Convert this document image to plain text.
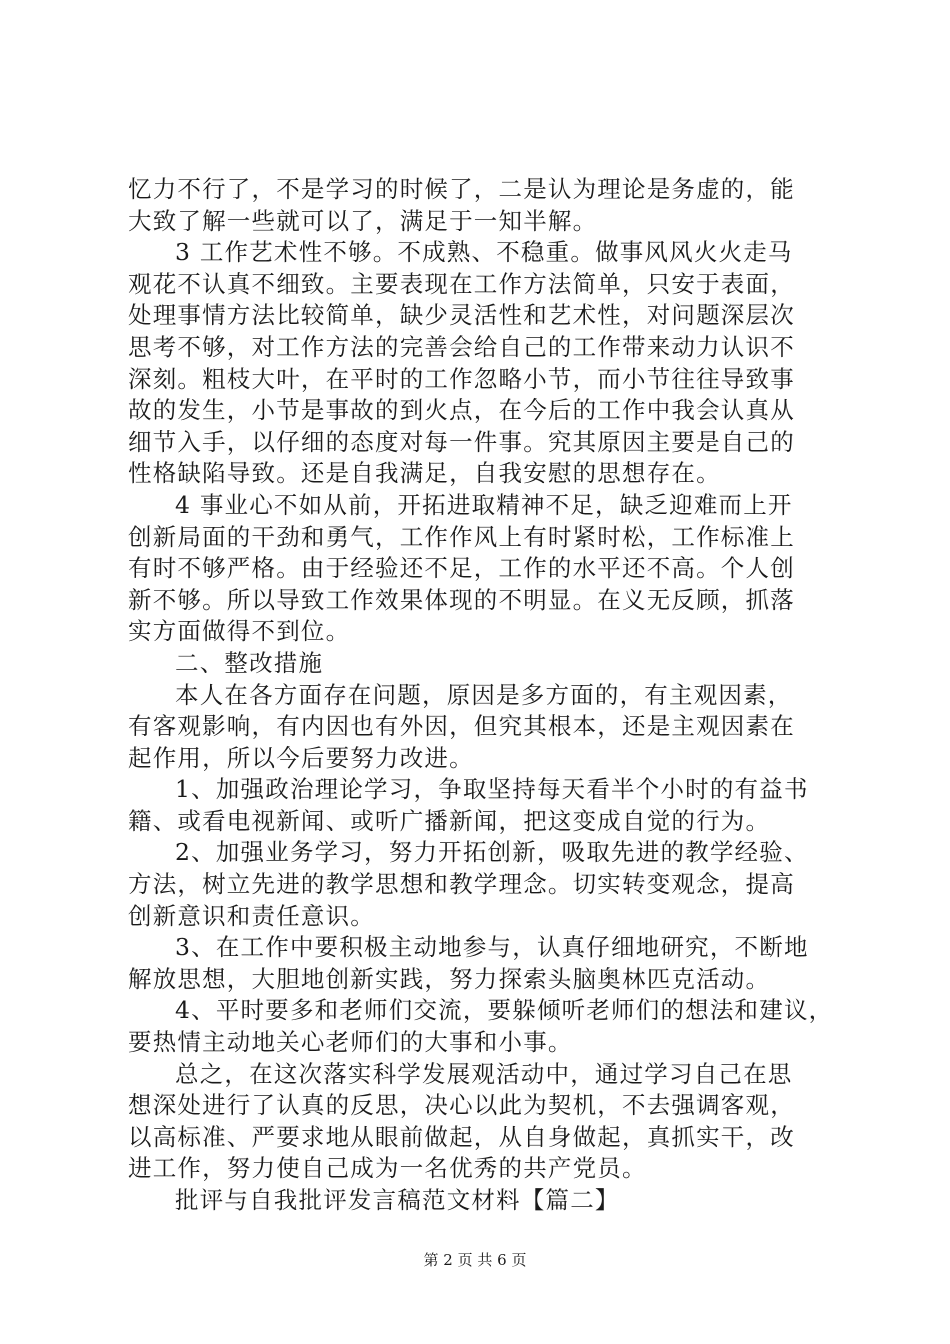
忆力不行了，不是学习的时候了，二是认为理论是务虚的，能
大致了解一些就可以了，满足于一知半解。
3 工作艺术性不够。不成熟、不稳重。做事风风火火走马
观花不认真不细致。主要表现在工作方法简单，只安于表面，
处理事情方法比较简单，缺少灵活性和艺术性，对问题深层次
思考不够，对工作方法的完善会给自己的工作带来动力认识不
深刻。粗枝大叶，在平时的工作忽略小节，而小节往往导致事
故的发生，小节是事故的到火点，在今后的工作中我会认真从
细节入手，以仔细的态度对每一件事。究其原因主要是自己的
性格缺陷导致。还是自我满足，自我安慰的思想存在。
4 事业心不如从前，开拓进取精神不足，缺乏迎难而上开
创新局面的干劲和勇气，工作作风上有时紧时松，工作标准上
有时不够严格。由于经验还不足，工作的水平还不高。个人创
新不够。所以导致工作效果体现的不明显。在义无反顾，抓落
实方面做得不到位。
二、整改措施
本人在各方面存在问题，原因是多方面的，有主观因素，
有客观影响，有内因也有外因，但究其根本，还是主观因素在
起作用，所以今后要努力改进。
1、加强政治理论学习，争取坚持每天看半个小时的有益书
籍、或看电视新闻、或听广播新闻，把这变成自觉的行为。
2、加强业务学习，努力开拓创新，吸取先进的教学经验、
方法，树立先进的教学思想和教学理念。切实转变观念，提高
创新意识和责任意识。
3、在工作中要积极主动地参与，认真仔细地研究，不断地
解放思想，大胆地创新实践，努力探索头脑奥林匹克活动。
4、平时要多和老师们交流，要躲倾听老师们的想法和建议，
要热情主动地关心老师们的大事和小事。
总之，在这次落实科学发展观活动中，通过学习自己在思
想深处进行了认真的反思，决心以此为契机，不去强调客观，
以高标准、严要求地从眼前做起，从自身做起，真抓实干，改
进工作，努力使自己成为一名优秀的共产党员。
批评与自我批评发言稿范文材料【篇二】
第 2 页 共 6 页
